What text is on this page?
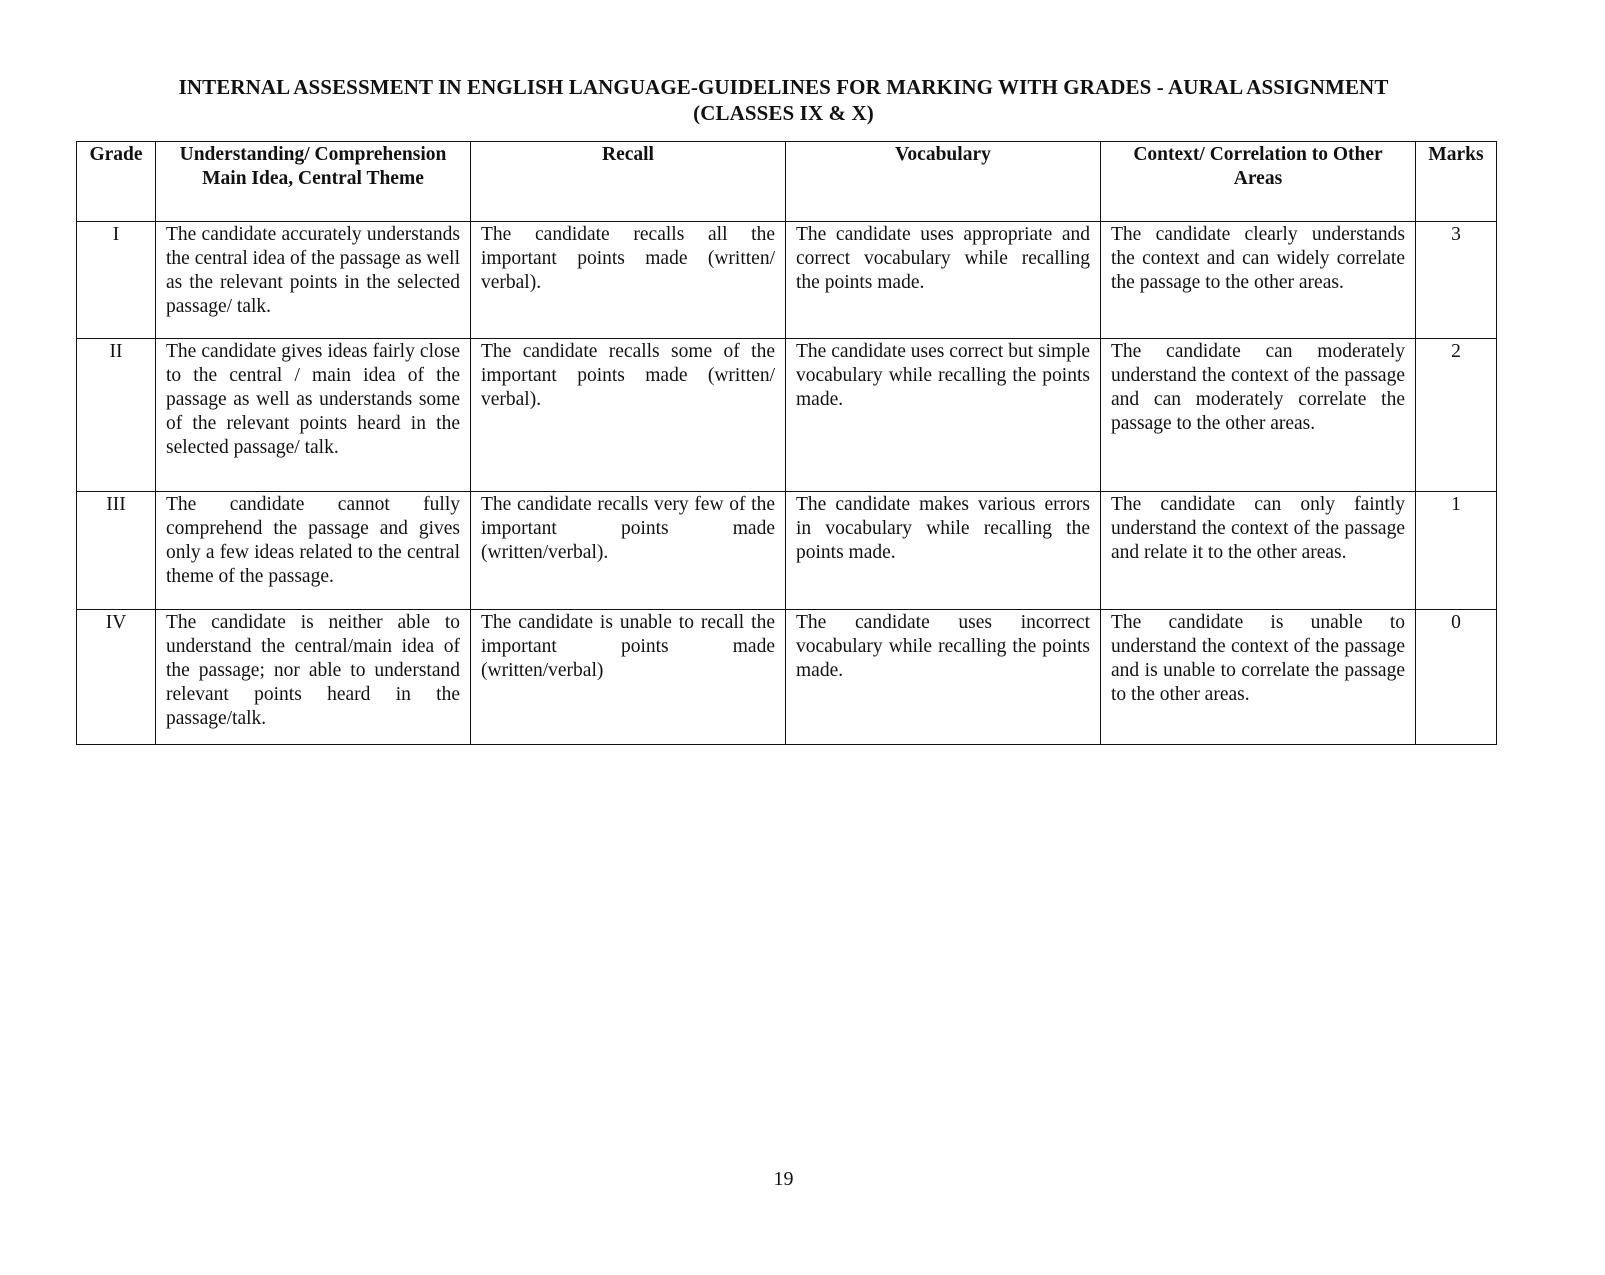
INTERNAL ASSESSMENT IN ENGLISH LANGUAGE-GUIDELINES FOR MARKING WITH GRADES - AURAL ASSIGNMENT
(CLASSES IX & X)
Grade	Understanding/ Comprehension Main Idea, Central Theme	Recall	Vocabulary	Context/ Correlation to Other Areas	Marks
I	The candidate accurately understands the central idea of the passage as well as the relevant points in the selected passage/ talk.	The candidate recalls all the important points made (written/ verbal).	The candidate uses appropriate and correct vocabulary while recalling the points made.	The candidate clearly understands the context and can widely correlate the passage to the other areas.	3
II	The candidate gives ideas fairly close to the central / main idea of the passage as well as understands some of the relevant points heard in the selected passage/ talk.	The candidate recalls some of the important points made (written/ verbal).	The candidate uses correct but simple vocabulary while recalling the points made.	The candidate can moderately understand the context of the passage and can moderately correlate the passage to the other areas.	2
III	The candidate cannot fully comprehend the passage and gives only a few ideas related to the central theme of the passage.	The candidate recalls very few of the important points made (written/verbal).	The candidate makes various errors in vocabulary while recalling the points made.	The candidate can only faintly understand the context of the passage and relate it to the other areas.	1
IV	The candidate is neither able to understand the central/main idea of the passage; nor able to understand relevant points heard in the passage/talk.	The candidate is unable to recall the important points made (written/verbal)	The candidate uses incorrect vocabulary while recalling the points made.	The candidate is unable to understand the context of the passage and is unable to correlate the passage to the other areas.	0
19
